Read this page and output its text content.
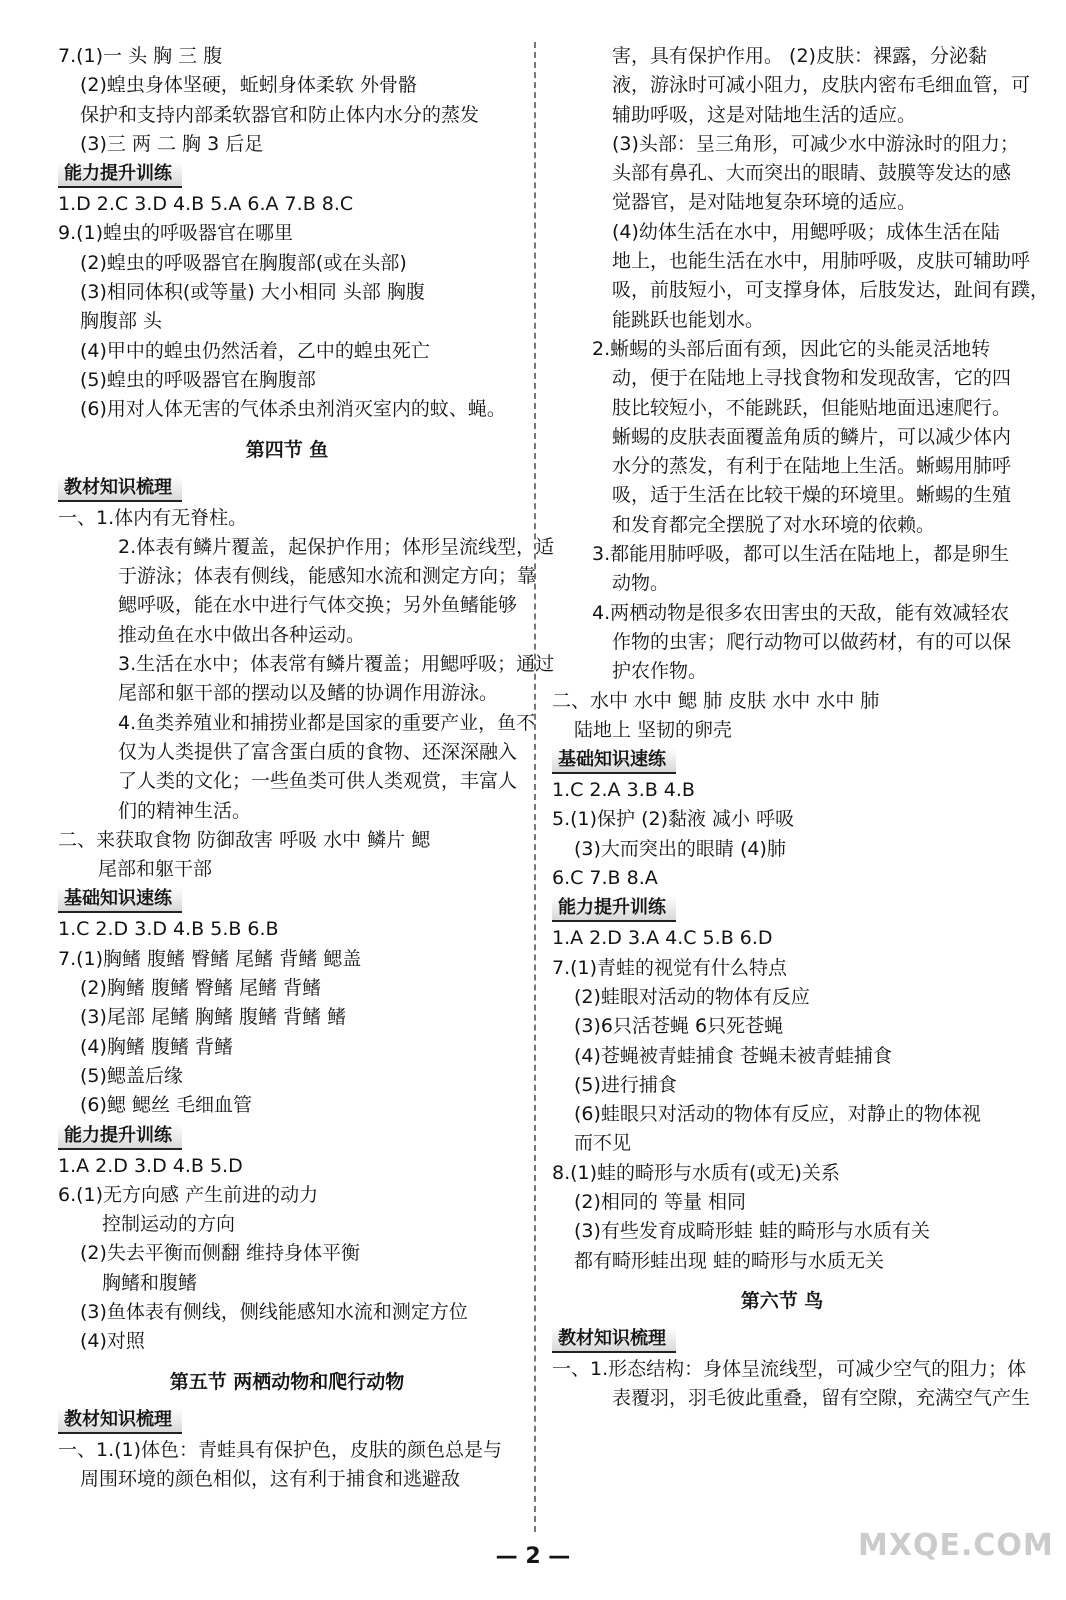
7.(1)一 头 胸 三 腹
(2)蝗虫身体坚硬，蚯蚓身体柔软 外骨骼
保护和支持内部柔软器官和防止体内水分的蒸发
(3)三 两 二 胸 3 后足
能力提升训练
1.D 2.C 3.D 4.B 5.A 6.A 7.B 8.C
9.(1)蝗虫的呼吸器官在哪里
(2)蝗虫的呼吸器官在胸腹部(或在头部)
(3)相同体积(或等量) 大小相同 头部 胸腹
胸腹部 头
(4)甲中的蝗虫仍然活着，乙中的蝗虫死亡
(5)蝗虫的呼吸器官在胸腹部
(6)用对人体无害的气体杀虫剂消灭室内的蚊、蝇。
第四节 鱼
教材知识梳理
一、1.体内有无脊柱。
2.体表有鳞片覆盖，起保护作用；体形呈流线型，适
于游泳；体表有侧线，能感知水流和测定方向；靠
鳃呼吸，能在水中进行气体交换；另外鱼鳍能够
推动鱼在水中做出各种运动。
3.生活在水中；体表常有鳞片覆盖；用鳃呼吸；通过
尾部和躯干部的摆动以及鳍的协调作用游泳。
4.鱼类养殖业和捕捞业都是国家的重要产业，鱼不
仅为人类提供了富含蛋白质的食物、还深深融入
了人类的文化；一些鱼类可供人类观赏，丰富人
们的精神生活。
二、来获取食物 防御敌害 呼吸 水中 鳞片 鳃
尾部和躯干部
基础知识速练
1.C 2.D 3.D 4.B 5.B 6.B
7.(1)胸鳍 腹鳍 臀鳍 尾鳍 背鳍 鳃盖
(2)胸鳍 腹鳍 臀鳍 尾鳍 背鳍
(3)尾部 尾鳍 胸鳍 腹鳍 背鳍 鳍
(4)胸鳍 腹鳍 背鳍
(5)鳃盖后缘
(6)鳃 鳃丝 毛细血管
能力提升训练
1.A 2.D 3.D 4.B 5.D
6.(1)无方向感 产生前进的动力
控制运动的方向
(2)失去平衡而侧翻 维持身体平衡
胸鳍和腹鳍
(3)鱼体表有侧线，侧线能感知水流和测定方位
(4)对照
第五节 两栖动物和爬行动物
教材知识梳理
一、1.(1)体色：青蛙具有保护色，皮肤的颜色总是与
周围环境的颜色相似，这有利于捕食和逃避敌
害，具有保护作用。 (2)皮肤：裸露，分泌黏
液，游泳时可减小阻力，皮肤内密布毛细血管，可
辅助呼吸，这是对陆地生活的适应。
(3)头部：呈三角形，可减少水中游泳时的阻力；
头部有鼻孔、大而突出的眼睛、鼓膜等发达的感
觉器官，是对陆地复杂环境的适应。
(4)幼体生活在水中，用鳃呼吸；成体生活在陆
地上，也能生活在水中，用肺呼吸，皮肤可辅助呼
吸，前肢短小，可支撑身体，后肢发达，趾间有蹼，
能跳跃也能划水。
2.蜥蜴的头部后面有颈，因此它的头能灵活地转
动，便于在陆地上寻找食物和发现敌害，它的四
肢比较短小，不能跳跃，但能贴地面迅速爬行。
蜥蜴的皮肤表面覆盖角质的鳞片，可以减少体内
水分的蒸发，有利于在陆地上生活。蜥蜴用肺呼
吸，适于生活在比较干燥的环境里。蜥蜴的生殖
和发育都完全摆脱了对水环境的依赖。
3.都能用肺呼吸，都可以生活在陆地上，都是卵生
动物。
4.两栖动物是很多农田害虫的天敌，能有效减轻农
作物的虫害；爬行动物可以做药材，有的可以保
护农作物。
二、水中 水中 鳃 肺 皮肤 水中 水中 肺
陆地上 坚韧的卵壳
基础知识速练
1.C 2.A 3.B 4.B
5.(1)保护 (2)黏液 减小 呼吸
(3)大而突出的眼睛 (4)肺
6.C 7.B 8.A
能力提升训练
1.A 2.D 3.A 4.C 5.B 6.D
7.(1)青蛙的视觉有什么特点
(2)蛙眼对活动的物体有反应
(3)6只活苍蝇 6只死苍蝇
(4)苍蝇被青蛙捕食 苍蝇未被青蛙捕食
(5)进行捕食
(6)蛙眼只对活动的物体有反应，对静止的物体视
而不见
8.(1)蛙的畸形与水质有(或无)关系
(2)相同的 等量 相同
(3)有些发育成畸形蛙 蛙的畸形与水质有关
都有畸形蛙出现 蛙的畸形与水质无关
第六节 鸟
教材知识梳理
一、1.形态结构：身体呈流线型，可减少空气的阻力；体
表覆羽，羽毛彼此重叠，留有空隙，充满空气产生
— 2 —	MXQE.COM
